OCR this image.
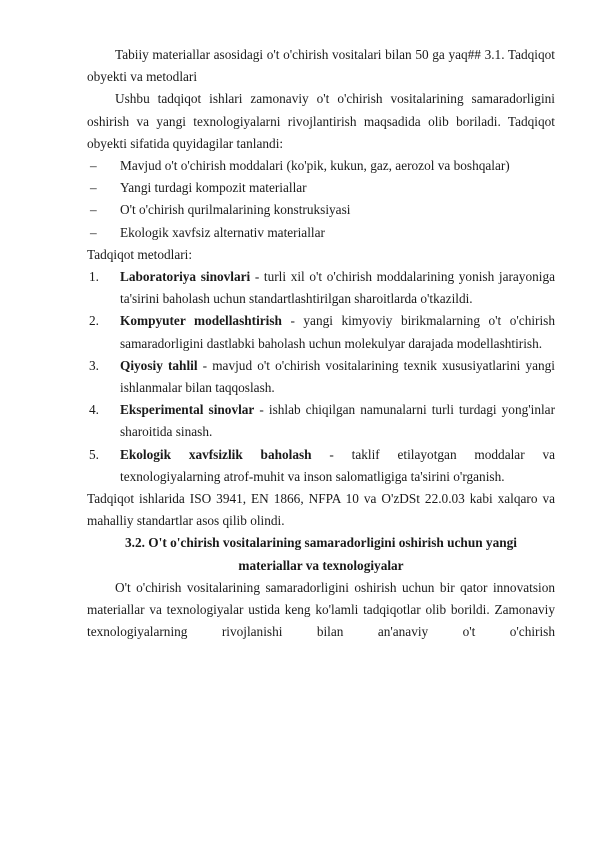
Tabiiy materiallar asosidagi o't o'chirish vositalari bilan 50 ga yaq## 3.1. Tadqiqot obyekti va metodlari

Ushbu tadqiqot ishlari zamonaviy o't o'chirish vositalarining samaradorligini oshirish va yangi texnologiyalarni rivojlantirish maqsadida olib boriladi. Tadqiqot obyekti sifatida quyidagilar tanlandi:

– Mavjud o't o'chirish moddalari (ko'pik, kukun, gaz, aerozol va boshqalar)
– Yangi turdagi kompozit materiallar
– O't o'chirish qurilmalarining konstruksiyasi
– Ekologik xavfsiz alternativ materiallar

Tadqiqot metodlari:

1. Laboratoriya sinovlari - turli xil o't o'chirish moddalarining yonish jarayoniga ta'sirini baholash uchun standartlashtirilgan sharoitlarda o'tkazildi.
2. Kompyuter modellashtirish - yangi kimyoviy birikmalarning o't o'chirish samaradorligini dastlabki baholash uchun molekulyar darajada modellashtirish.
3. Qiyosiy tahlil - mavjud o't o'chirish vositalarining texnik xususiyatlarini yangi ishlanmalar bilan taqqoslash.
4. Eksperimental sinovlar - ishlab chiqilgan namunalarni turli turdagi yong'inlar sharoitida sinash.
5. Ekologik xavfsizlik baholash - taklif etilayotgan moddalar va texnologiyalarning atrof-muhit va inson salomatligiga ta'sirini o'rganish.

Tadqiqot ishlarida ISO 3941, EN 1866, NFPA 10 va O'zDSt 22.0.03 kabi xalqaro va mahalliy standartlar asos qilib olindi.

3.2. O't o'chirish vositalarining samaradorligini oshirish uchun yangi materiallar va texnologiyalar

O't o'chirish vositalarining samaradorligini oshirish uchun bir qator innovatsion materiallar va texnologiyalar ustida keng ko'lamli tadqiqotlar olib borildi. Zamonaviy texnologiyalarning rivojlanishi bilan an'anaviy o't o'chirish
